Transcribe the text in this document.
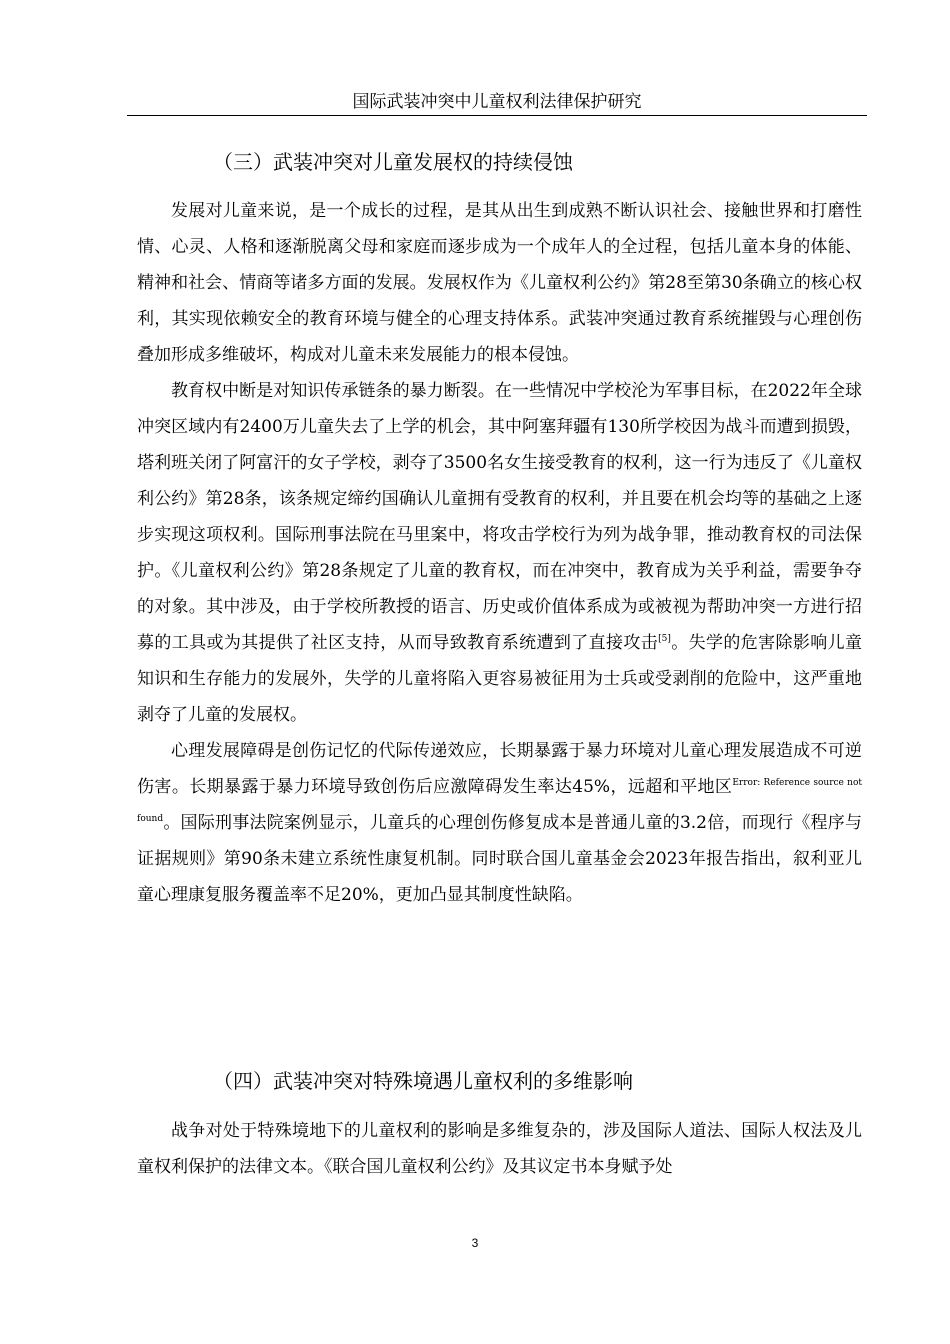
国际武装冲突中儿童权利法律保护研究
（三）武装冲突对儿童发展权的持续侵蚀

发展对儿童来说，是一个成长的过程，是其从出生到成熟不断认识社会、接触世界和打磨性情、心灵、人格和逐渐脱离父母和家庭而逐步成为一个成年人的全过程，包括儿童本身的体能、精神和社会、情商等诸多方面的发展。发展权作为《儿童权利公约》第28至第30条确立的核心权利，其实现依赖安全的教育环境与健全的心理支持体系。武装冲突通过教育系统摧毁与心理创伤叠加形成多维破坏，构成对儿童未来发展能力的根本侵蚀。

教育权中断是对知识传承链条的暴力断裂。在一些情况中学校沦为军事目标，在2022年全球冲突区域内有2400万儿童失去了上学的机会，其中阿塞拜疆有130所学校因为战斗而遭到损毁，塔利班关闭了阿富汗的女子学校，剥夺了3500名女生接受教育的权利，这一行为违反了《儿童权利公约》第28条，该条规定缔约国确认儿童拥有受教育的权利，并且要在机会均等的基础之上逐步实现这项权利。国际刑事法院在马里案中，将攻击学校行为列为战争罪，推动教育权的司法保护。《儿童权利公约》第28条规定了儿童的教育权，而在冲突中，教育成为关乎利益，需要争夺的对象。其中涉及，由于学校所教授的语言、历史或价值体系成为或被视为帮助冲突一方进行招募的工具或为其提供了社区支持，从而导致教育系统遭到了直接攻击[5]。失学的危害除影响儿童知识和生存能力的发展外，失学的儿童将陷入更容易被征用为士兵或受剥削的危险中，这严重地剥夺了儿童的发展权。

心理发展障碍是创伤记忆的代际传递效应，长期暴露于暴力环境对儿童心理发展造成不可逆伤害。长期暴露于暴力环境导致创伤后应激障碍发生率达45%，远超和平地区$^{Error: Reference source not found}$。国际刑事法院案例显示，儿童兵的心理创伤修复成本是普通儿童的3.2倍，而现行《程序与证据规则》第90条未建立系统性康复机制。同时联合国儿童基金会2023年报告指出，叙利亚儿童心理康复服务覆盖率不足20%，更加凸显其制度性缺陷。

（四）武装冲突对特殊境遇儿童权利的多维影响

战争对处于特殊境地下的儿童权利的影响是多维复杂的，涉及国际人道法、国际人权法及儿童权利保护的法律文本。《联合国儿童权利公约》及其议定书本身赋予处

3
